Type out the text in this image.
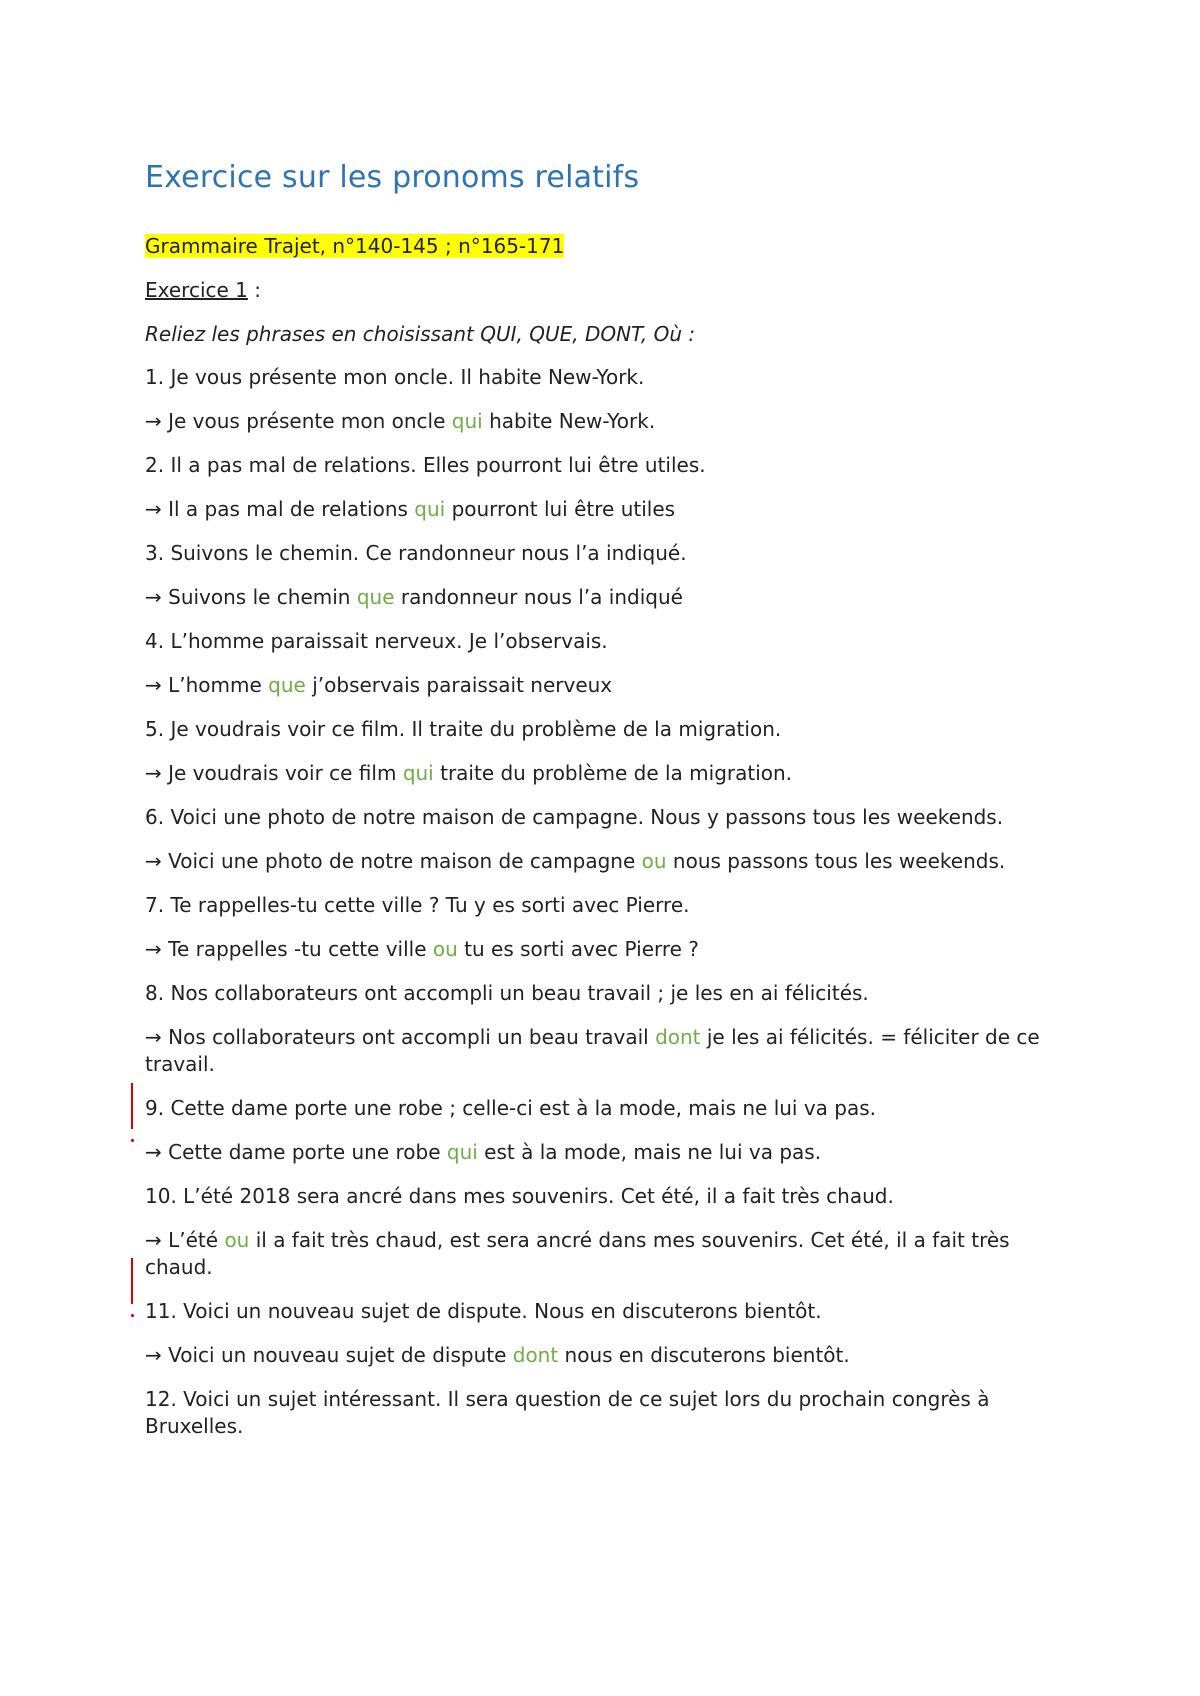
Exercice sur les pronoms relatifs

Grammaire Trajet, n°140-145 ; n°165-171

Exercice 1 :

Reliez les phrases en choisissant QUI, QUE, DONT, Où :

1. Je vous présente mon oncle. Il habite New-York.

→ Je vous présente mon oncle qui habite New-York.

2. Il a pas mal de relations. Elles pourront lui être utiles.

→ Il a pas mal de relations qui pourront lui être utiles

3. Suivons le chemin. Ce randonneur nous l’a indiqué.

→ Suivons le chemin que randonneur nous l’a indiqué

4. L’homme paraissait nerveux. Je l’observais.

→ L’homme que j’observais paraissait nerveux

5. Je voudrais voir ce film. Il traite du problème de la migration.

→ Je voudrais voir ce film qui traite du problème de la migration.

6. Voici une photo de notre maison de campagne. Nous y passons tous les weekends.

→ Voici une photo de notre maison de campagne ou nous passons tous les weekends.

7. Te rappelles-tu cette ville ? Tu y es sorti avec Pierre.

→ Te rappelles -tu cette ville ou tu es sorti avec Pierre ?

8. Nos collaborateurs ont accompli un beau travail ; je les en ai félicités.

→ Nos collaborateurs ont accompli un beau travail dont je les ai félicités. = féliciter de ce travail.

9. Cette dame porte une robe ; celle-ci est à la mode, mais ne lui va pas.

→ Cette dame porte une robe qui est à la mode, mais ne lui va pas.

10. L’été 2018 sera ancré dans mes souvenirs. Cet été, il a fait très chaud.

→ L’été ou il a fait très chaud, est sera ancré dans mes souvenirs. Cet été, il a fait très chaud.

11. Voici un nouveau sujet de dispute. Nous en discuterons bientôt.

→ Voici un nouveau sujet de dispute dont nous en discuterons bientôt.

12. Voici un sujet intéressant. Il sera question de ce sujet lors du prochain congrès à Bruxelles.
